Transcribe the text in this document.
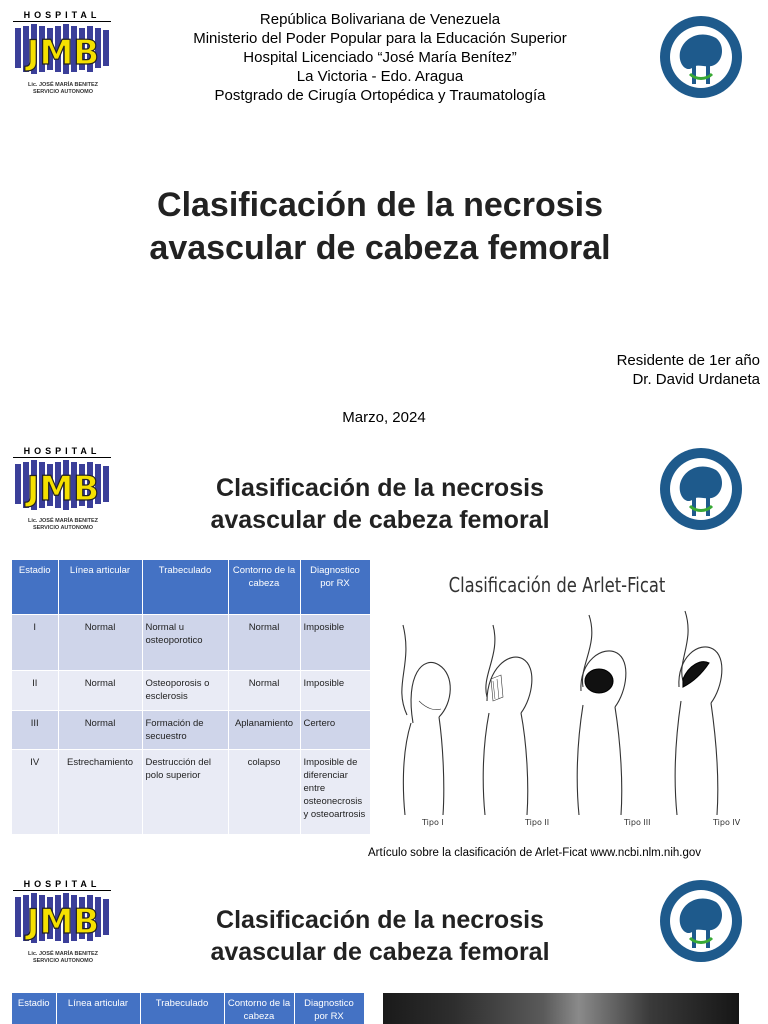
HOSPITAL
JMB
Lic. JOSÉ MARÍA BENITEZ
SERVICIO AUTONOMO
República Bolivariana de Venezuela
Ministerio del Poder Popular para la Educación Superior
Hospital Licenciado “José María Benítez”
La Victoria - Edo. Aragua
Postgrado de Cirugía Ortopédica y Traumatología
Clasificación de la necrosis
avascular de cabeza femoral
Residente de 1er año
Dr. David Urdaneta
Marzo, 2024
HOSPITAL
JMB
Lic. JOSÉ MARÍA BENITEZ
SERVICIO AUTONOMO
Clasificación de la necrosis
avascular de cabeza femoral
Estadio	Línea articular	Trabeculado	Contorno de la cabeza	Diagnostico por RX
I	Normal	Normal u osteoporotico	Normal	Imposible
II	Normal	Osteoporosis o esclerosis	Normal	Imposible
III	Normal	Formación de secuestro	Aplanamiento	Certero
IV	Estrechamiento	Destrucción del polo superior	colapso	Imposible de diferenciar entre osteonecrosis y osteoartrosis
Clasificación de Arlet-Ficat
Tipo I	Tipo II	Tipo III	Tipo IV
Artículo sobre la clasificación de Arlet-Ficat www.ncbi.nlm.nih.gov
HOSPITAL
JMB
Lic. JOSÉ MARÍA BENITEZ
SERVICIO AUTONOMO
Clasificación de la necrosis
avascular de cabeza femoral
Estadio	Línea articular	Trabeculado	Contorno de la cabeza	Diagnostico por RX
